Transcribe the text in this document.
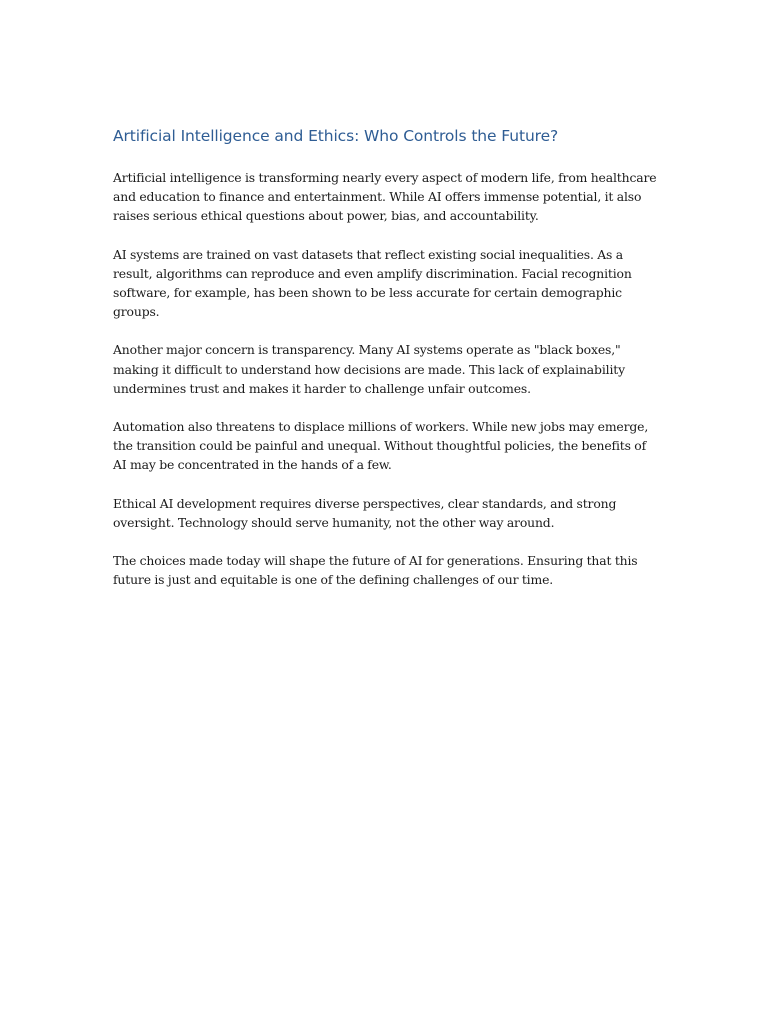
Artificial Intelligence and Ethics: Who Controls the Future?

Artificial intelligence is transforming nearly every aspect of modern life, from healthcare and education to finance and entertainment. While AI offers immense potential, it also raises serious ethical questions about power, bias, and accountability.

AI systems are trained on vast datasets that reflect existing social inequalities. As a result, algorithms can reproduce and even amplify discrimination. Facial recognition software, for example, has been shown to be less accurate for certain demographic groups.

Another major concern is transparency. Many AI systems operate as "black boxes," making it difficult to understand how decisions are made. This lack of explainability undermines trust and makes it harder to challenge unfair outcomes.

Automation also threatens to displace millions of workers. While new jobs may emerge, the transition could be painful and unequal. Without thoughtful policies, the benefits of AI may be concentrated in the hands of a few.

Ethical AI development requires diverse perspectives, clear standards, and strong oversight. Technology should serve humanity, not the other way around.

The choices made today will shape the future of AI for generations. Ensuring that this future is just and equitable is one of the defining challenges of our time.
